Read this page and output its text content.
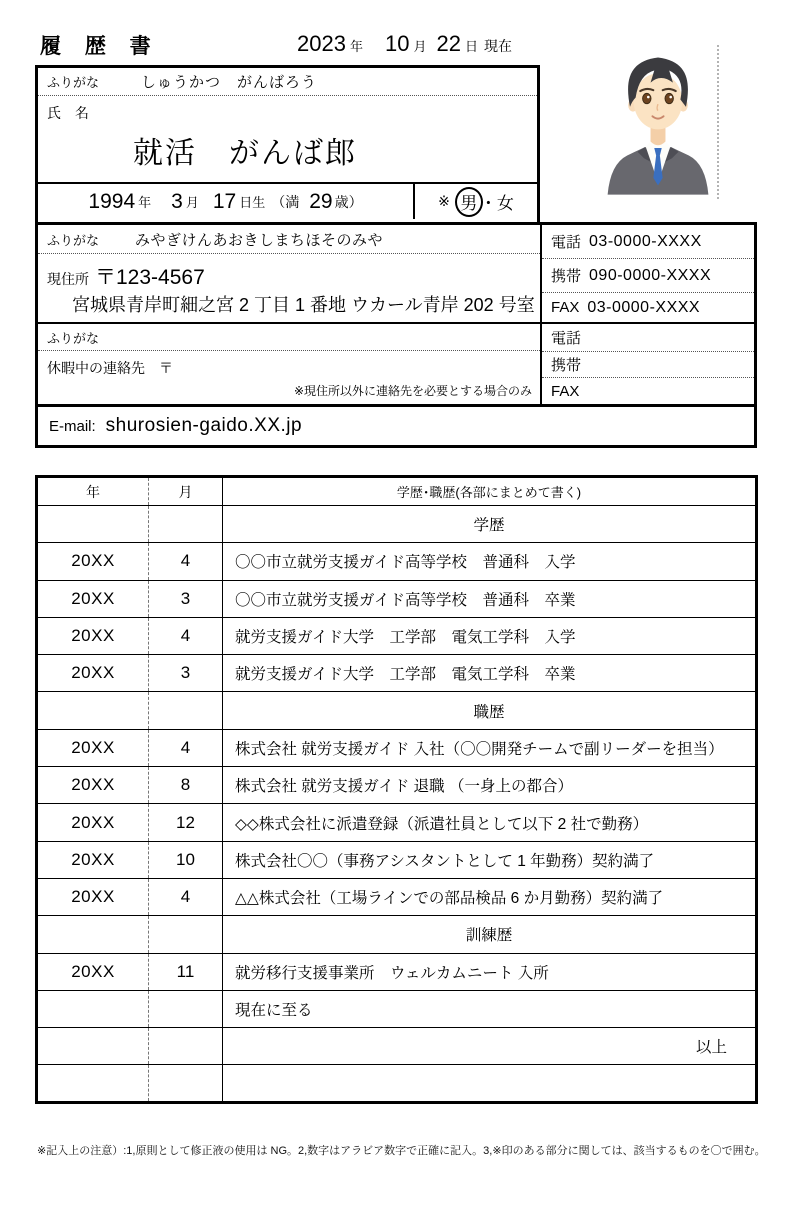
履 歴 書	2023 年 10 月 22 日 現在
ふりがな	しゅうかつ　がんばろう
氏　名
就活　がんば郎
1994 年 3 月 17 日生 （満 29 歳）	※ 男 ・ 女
ふりがな みやぎけんあおきしまちほそのみや
現住所 〒123-4567
宮城県青岸町細之宮 2 丁目 1 番地 ウカール青岸 202 号室
ふりがな
休暇中の連絡先　〒
※現住所以外に連絡先を必要とする場合のみ
電話 03-0000-XXXX
携帯 090-0000-XXXX
FAX 03-0000-XXXX
電話
携帯
FAX
E-mail: shurosien-gaido.XX.jp
年	月	学歴･職歴(各部にまとめて書く)
		学歴
20XX	4	〇〇市立就労支援ガイド高等学校　普通科　入学
20XX	3	〇〇市立就労支援ガイド高等学校　普通科　卒業
20XX	4	就労支援ガイド大学　工学部　電気工学科　入学
20XX	3	就労支援ガイド大学　工学部　電気工学科　卒業
		職歴
20XX	4	株式会社 就労支援ガイド 入社（〇〇開発チームで副リーダーを担当）
20XX	8	株式会社 就労支援ガイド 退職 （一身上の都合）
20XX	12	◇◇株式会社に派遣登録（派遣社員として以下 2 社で勤務）
20XX	10	株式会社〇〇（事務アシスタントとして 1 年勤務）契約満了
20XX	4	△△株式会社（工場ラインでの部品検品 6 か月勤務）契約満了
		訓練歴
20XX	11	就労移行支援事業所　ウェルカムニート 入所
		現在に至る
		以上

※記入上の注意）:1,原則として修正液の使用は NG。2,数字はアラビア数字で正確に記入。3,※印のある部分に関しては、該当するものを〇で囲む。
